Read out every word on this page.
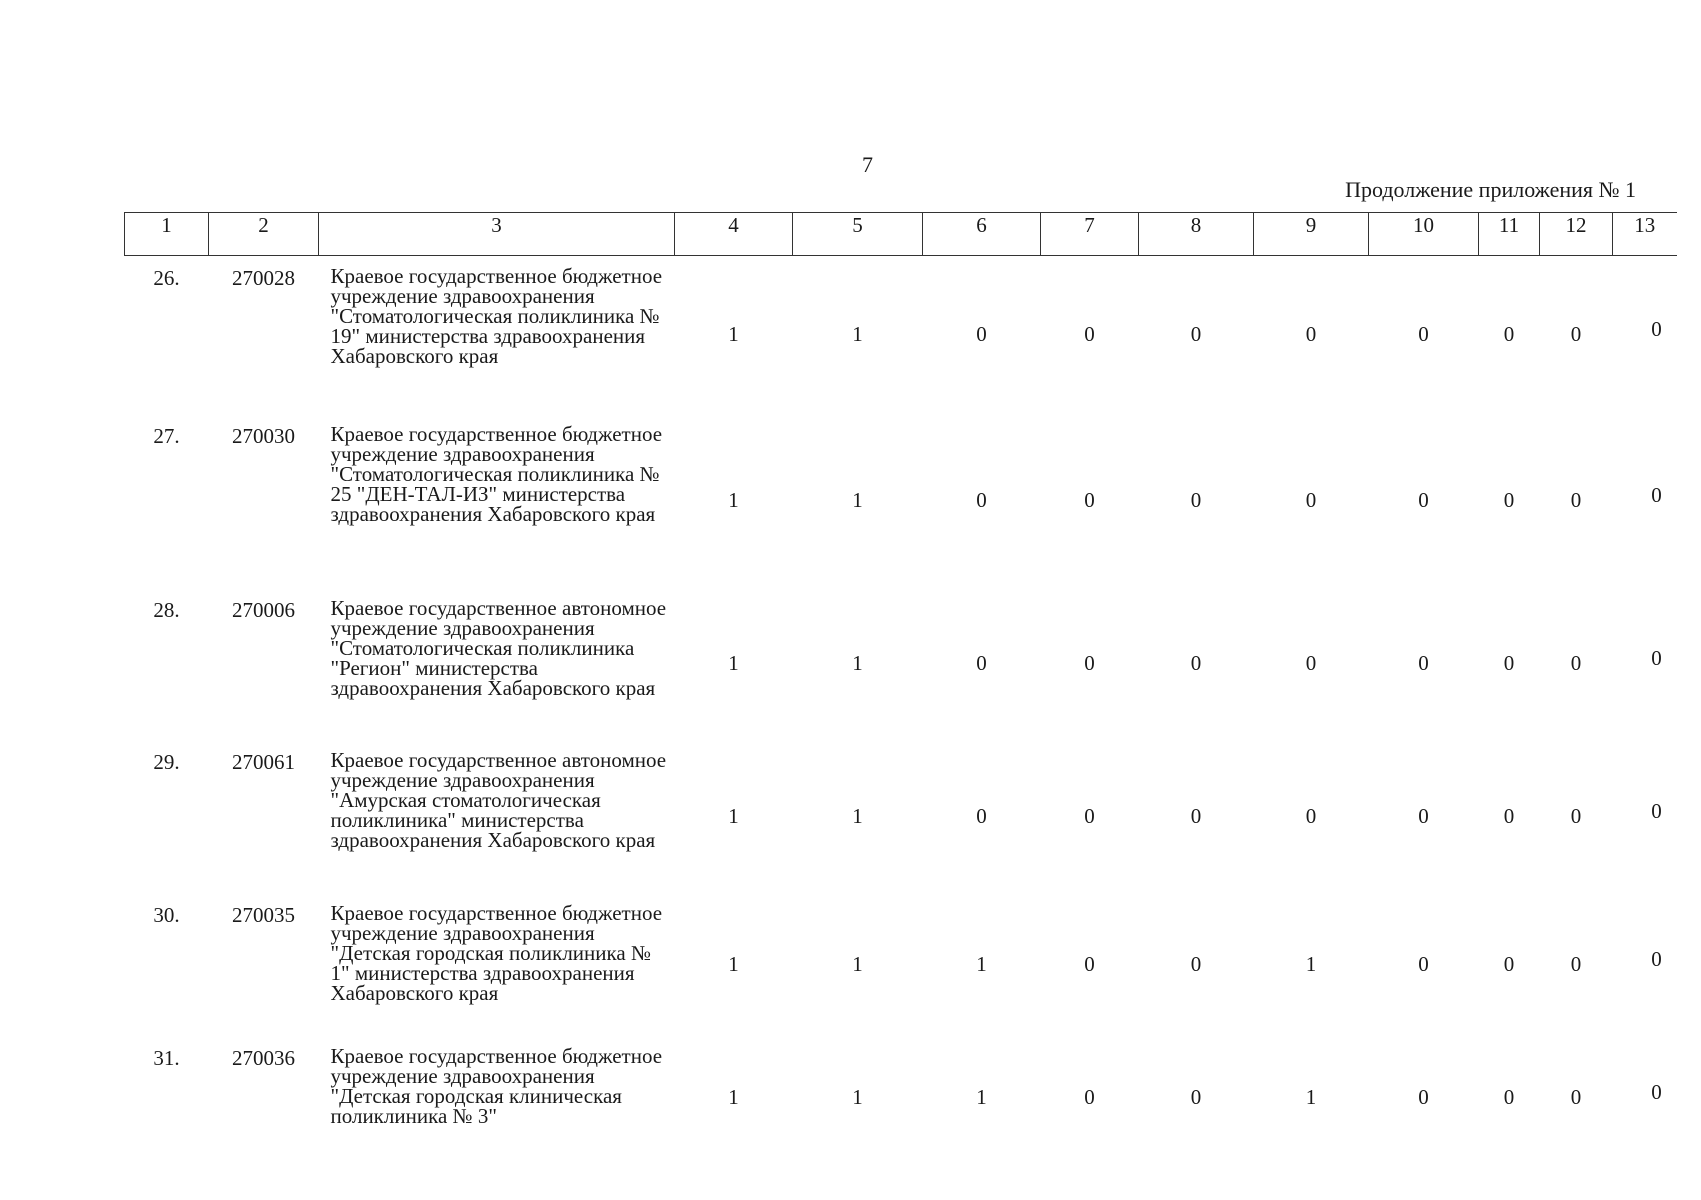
7
Продолжение приложения № 1
1	2	3	4	5	6	7	8	9	10	11	12	13
26.	270028	Краевое государственное бюджетное учреждение здравоохранения "Стоматологическая поликлиника № 19" министерства здравоохранения Хабаровского края	1	1	0	0	0	0	0	0	0	0
27.	270030	Краевое государственное бюджетное учреждение здравоохранения "Стоматологическая поликлиника № 25 "ДЕН-ТАЛ-ИЗ" министерства здравоохранения Хабаровского края	1	1	0	0	0	0	0	0	0	0
28.	270006	Краевое государственное автономное учреждение здравоохранения "Стоматологическая поликлиника "Регион" министерства здравоохранения Хабаровского края	1	1	0	0	0	0	0	0	0	0
29.	270061	Краевое государственное автономное учреждение здравоохранения "Амурская стоматологическая поликлиника" министерства здравоохранения Хабаровского края	1	1	0	0	0	0	0	0	0	0
30.	270035	Краевое государственное бюджетное учреждение здравоохранения "Детская городская поликлиника № 1" министерства здравоохранения Хабаровского края	1	1	1	0	0	1	0	0	0	0
31.	270036	Краевое государственное бюджетное учреждение здравоохранения "Детская городская клиническая поликлиника № 3"	1	1	1	0	0	1	0	0	0	0
